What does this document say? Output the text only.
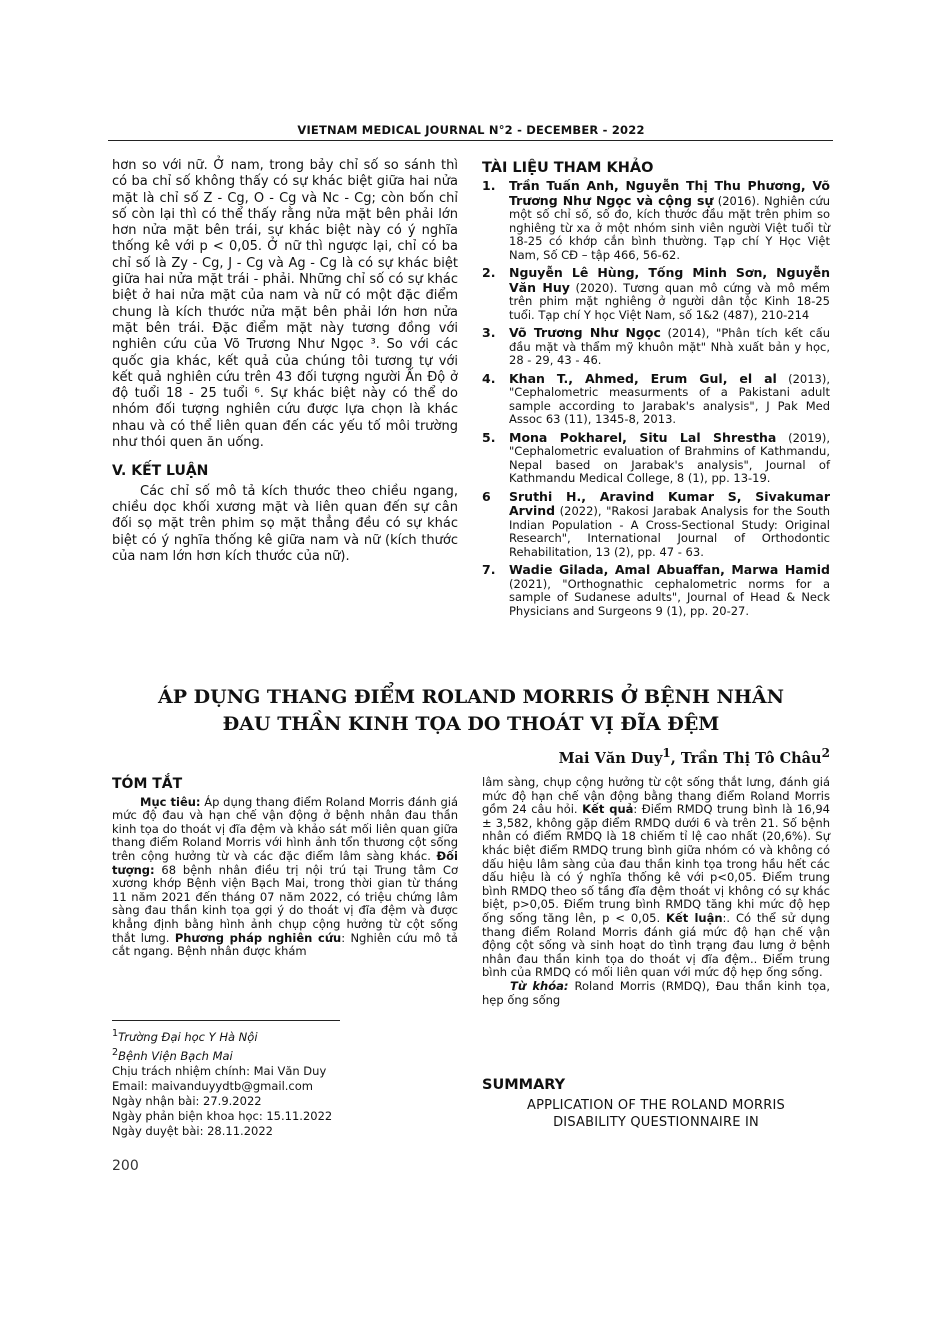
VIETNAM MEDICAL JOURNAL N°2 - DECEMBER - 2022

hơn so với nữ. Ở nam, trong bảy chỉ số so sánh thì có ba chỉ số không thấy có sự khác biệt giữa hai nửa mặt là chỉ số Z - Cg, O - Cg và Nc - Cg; còn bốn chỉ số còn lại thì có thể thấy rằng nửa mặt bên phải lớn hơn nửa mặt bên trái, sự khác biệt này có ý nghĩa thống kê với p < 0,05. Ở nữ thì ngược lại, chỉ có ba chỉ số là Zy - Cg, J - Cg và Ag - Cg là có sự khác biệt giữa hai nửa mặt trái - phải. Những chỉ số có sự khác biệt ở hai nửa mặt của nam và nữ có một đặc điểm chung là kích thước nửa mặt bên phải lớn hơn nửa mặt bên trái. Đặc điểm mặt này tương đồng với nghiên cứu của Võ Trương Như Ngọc ³. So với các quốc gia khác, kết quả của chúng tôi tương tự với kết quả nghiên cứu trên 43 đối tượng người Ấn Độ ở độ tuổi 18 - 25 tuổi ⁶. Sự khác biệt này có thể do nhóm đối tượng nghiên cứu được lựa chọn là khác nhau và có thể liên quan đến các yếu tố môi trường như thói quen ăn uống.

V. KẾT LUẬN

Các chỉ số mô tả kích thước theo chiều ngang, chiều dọc khối xương mặt và liên quan đến sự cân đối sọ mặt trên phim sọ mặt thẳng đều có sự khác biệt có ý nghĩa thống kê giữa nam và nữ (kích thước của nam lớn hơn kích thước của nữ).

TÀI LIỆU THAM KHẢO
1.	Trần Tuấn Anh, Nguyễn Thị Thu Phương, Võ Trương Như Ngọc và cộng sự (2016). Nghiên cứu một số chỉ số, số đo, kích thước đầu mặt trên phim so nghiêng từ xa ở một nhóm sinh viên người Việt tuổi từ 18-25 có khớp cắn bình thường. Tạp chí Y Học Việt Nam, Số CĐ – tập 466, 56-62.
2.	Nguyễn Lê Hùng, Tống Minh Sơn, Nguyễn Văn Huy (2020). Tương quan mô cứng và mô mềm trên phim mặt nghiêng ở người dân tộc Kinh 18-25 tuổi. Tạp chí Y học Việt Nam, số 1&2 (487), 210-214
3.	Võ Trương Như Ngọc (2014), "Phân tích kết cấu đầu mặt và thẩm mỹ khuôn mặt" Nhà xuất bản y học, 28 - 29, 43 - 46.
4.	Khan T., Ahmed, Erum Gul, el al (2013), "Cephalometric measurments of a Pakistani adult sample according to Jarabak's analysis", J Pak Med Assoc 63 (11), 1345-8, 2013.
5.	Mona Pokharel, Situ Lal Shrestha (2019), "Cephalometric evaluation of Brahmins of Kathmandu, Nepal based on Jarabak's analysis", Journal of Kathmandu Medical College, 8 (1), pp. 13-19.
6	Sruthi H., Aravind Kumar S, Sivakumar Arvind (2022), "Rakosi Jarabak Analysis for the South Indian Population - A Cross-Sectional Study: Original Research", International Journal of Orthodontic Rehabilitation, 13 (2), pp. 47 - 63.
7.	Wadie Gilada, Amal Abuaffan, Marwa Hamid (2021), "Orthognathic cephalometric norms for a sample of Sudanese adults", Journal of Head & Neck Physicians and Surgeons 9 (1), pp. 20-27.
ÁP DỤNG THANG ĐIỂM ROLAND MORRIS Ở BỆNH NHÂN
ĐAU THẦN KINH TỌA DO THOÁT VỊ ĐĨA ĐỆM
Mai Văn Duy$^1$, Trần Thị Tô Châu$^2$
TÓM TẮT

Mục tiêu: Áp dụng thang điểm Roland Morris đánh giá mức độ đau và hạn chế vận động ở bệnh nhân đau thần kinh tọa do thoát vị đĩa đệm và khảo sát mối liên quan giữa thang điểm Roland Morris với hình ảnh tổn thương cột sống trên cộng hưởng từ và các đặc điểm lâm sàng khác. Đối tượng: 68 bệnh nhân điều trị nội trú tại Trung tâm Cơ xương khớp Bệnh viện Bạch Mai, trong thời gian từ tháng 11 năm 2021 đến tháng 07 năm 2022, có triệu chứng lâm sàng đau thần kinh tọa gợi ý do thoát vị đĩa đệm và được khẳng định bằng hình ảnh chụp cộng hưởng từ cột sống thắt lưng. Phương pháp nghiên cứu: Nghiên cứu mô tả cắt ngang. Bệnh nhân được khám

lâm sàng, chụp cộng hưởng từ cột sống thắt lưng, đánh giá mức độ hạn chế vận động bằng thang điểm Roland Morris gồm 24 câu hỏi. Kết quả: Điểm RMDQ trung bình là 16,94 ± 3,582, không gặp điểm RMDQ dưới 6 và trên 21. Số bệnh nhân có điểm RMDQ là 18 chiếm tỉ lệ cao nhất (20,6%). Sự khác biệt điểm RMDQ trung bình giữa nhóm có và không có dấu hiệu lâm sàng của đau thần kinh tọa trong hầu hết các dấu hiệu là có ý nghĩa thống kê với p<0,05. Điểm trung bình RMDQ theo số tầng đĩa đệm thoát vị không có sự khác biệt, p>0,05. Điểm trung bình RMDQ tăng khi mức độ hẹp ống sống tăng lên, p < 0,05. Kết luận:. Có thể sử dụng thang điểm Roland Morris đánh giá mức độ hạn chế vận động cột sống và sinh hoạt do tình trạng đau lưng ở bệnh nhân đau thần kinh tọa do thoát vị đĩa đệm.. Điểm trung bình của RMDQ có mối liên quan với mức độ hẹp ống sống.

Từ khóa: Roland Morris (RMDQ), Đau thần kinh tọa, hẹp ống sống

SUMMARY
APPLICATION OF THE ROLAND MORRIS
DISABILITY QUESTIONNAIRE IN
$^1$Trường Đại học Y Hà Nội
$^2$Bệnh Viện Bạch Mai
Chịu trách nhiệm chính: Mai Văn Duy
Email: maivanduyydtb@gmail.com
Ngày nhận bài: 27.9.2022
Ngày phản biện khoa học: 15.11.2022
Ngày duyệt bài: 28.11.2022
200
